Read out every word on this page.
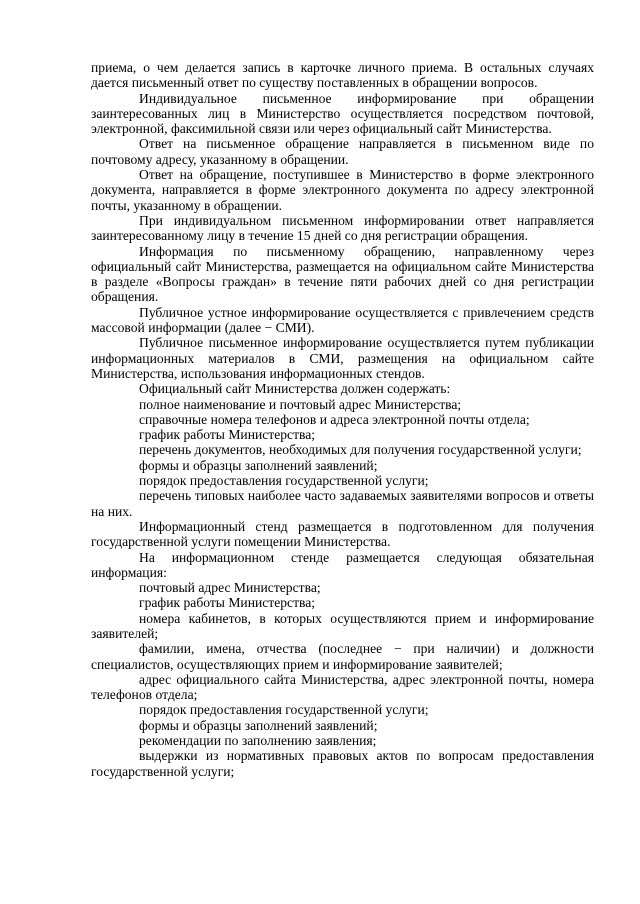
приема, о чем делается запись в карточке личного приема. В остальных случаях дается письменный ответ по существу поставленных в обращении вопросов.

Индивидуальное письменное информирование при обращении заинтересованных лиц в Министерство осуществляется посредством почтовой, электронной, факсимильной связи или через официальный сайт Министерства.

Ответ на письменное обращение направляется в письменном виде по почтовому адресу, указанному в обращении.

Ответ на обращение, поступившее в Министерство в форме электронного документа, направляется в форме электронного документа по адресу электронной почты, указанному в обращении.

При индивидуальном письменном информировании ответ направляется заинтересованному лицу в течение 15 дней со дня регистрации обращения.

Информация по письменному обращению, направленному через официальный сайт Министерства, размещается на официальном сайте Министерства в разделе «Вопросы граждан» в течение пяти рабочих дней со дня регистрации обращения.

Публичное устное информирование осуществляется с привлечением средств массовой информации (далее − СМИ).

Публичное письменное информирование осуществляется путем публикации информационных материалов в СМИ, размещения на официальном сайте Министерства, использования информационных стендов.

Официальный сайт Министерства должен содержать:

полное наименование и почтовый адрес Министерства;

справочные номера телефонов и адреса электронной почты отдела;

график работы Министерства;

перечень документов, необходимых для получения государственной услуги;

формы и образцы заполнений заявлений;

порядок предоставления государственной услуги;

перечень типовых наиболее часто задаваемых заявителями вопросов и ответы на них.

Информационный стенд размещается в подготовленном для получения государственной услуги помещении Министерства.

На информационном стенде размещается следующая обязательная информация:

почтовый адрес Министерства;

график работы Министерства;

номера кабинетов, в которых осуществляются прием и информирование заявителей;

фамилии, имена, отчества (последнее − при наличии) и должности специалистов, осуществляющих прием и информирование заявителей;

адрес официального сайта Министерства, адрес электронной почты, номера телефонов отдела;

порядок предоставления государственной услуги;

формы и образцы заполнений заявлений;

рекомендации по заполнению заявления;

выдержки из нормативных правовых актов по вопросам предоставления государственной услуги;
